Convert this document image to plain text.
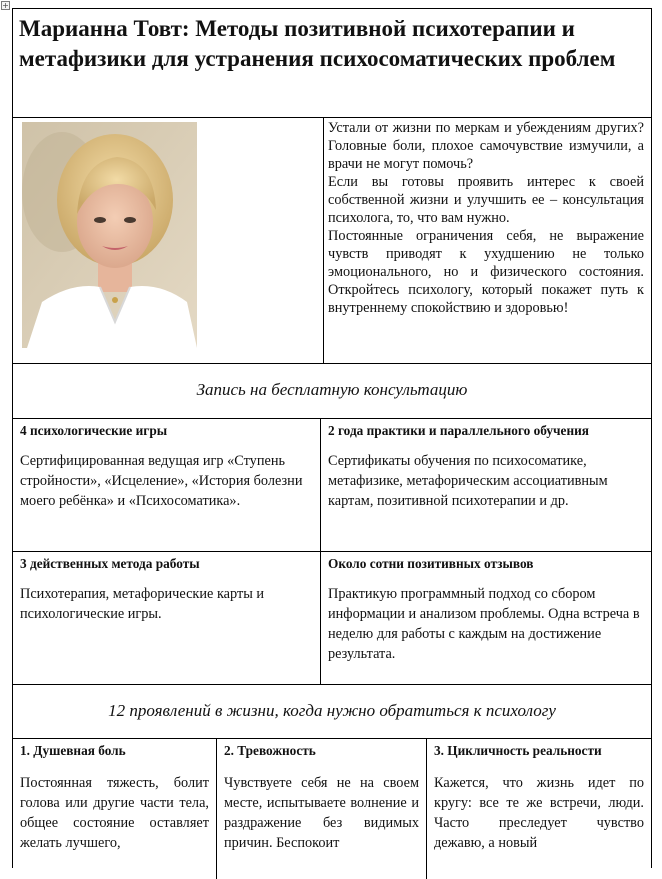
+
Марианна Товт: Методы позитивной психотерапии и метафизики для устранения психосоматических проблем

Устали от жизни по меркам и убеждениям других? Головные боли, плохое самочувствие измучили, а врачи не могут помочь?

Если вы готовы проявить интерес к своей собственной жизни и улучшить ее – консультация психолога, то, что вам нужно.

Постоянные ограничения себя, не выражение чувств приводят к ухудшению не только эмоционального, но и физического состояния. Откройтесь психологу, который покажет путь к внутреннему спокойствию и здоровью!

Запись на бесплатную консультацию
4 психологические игры
Сертифицированная ведущая игр «Ступень стройности», «Исцеление», «История болезни моего ребёнка» и «Психосоматика».
2 года практики и параллельного обучения
Сертификаты обучения по психосоматике, метафизике, метафорическим ассоциативным картам, позитивной психотерапии и др.
3 действенных метода работы
Психотерапия, метафорические карты и психологические игры.
Около сотни позитивных отзывов
Практикую программный подход со сбором информации и анализом проблемы. Одна встреча в неделю для работы с каждым на достижение результата.
12 проявлений в жизни, когда нужно обратиться к психологу
1. Душевная боль
Постоянная тяжесть, болит голова или другие части тела, общее состояние оставляет желать лучшего,
2. Тревожность
Чувствуете себя не на своем месте, испытываете волнение и раздражение без видимых причин. Беспокоит
3. Цикличность реальности
Кажется, что жизнь идет по кругу: все те же встречи, люди. Часто преследует чувство дежавю, а новый
